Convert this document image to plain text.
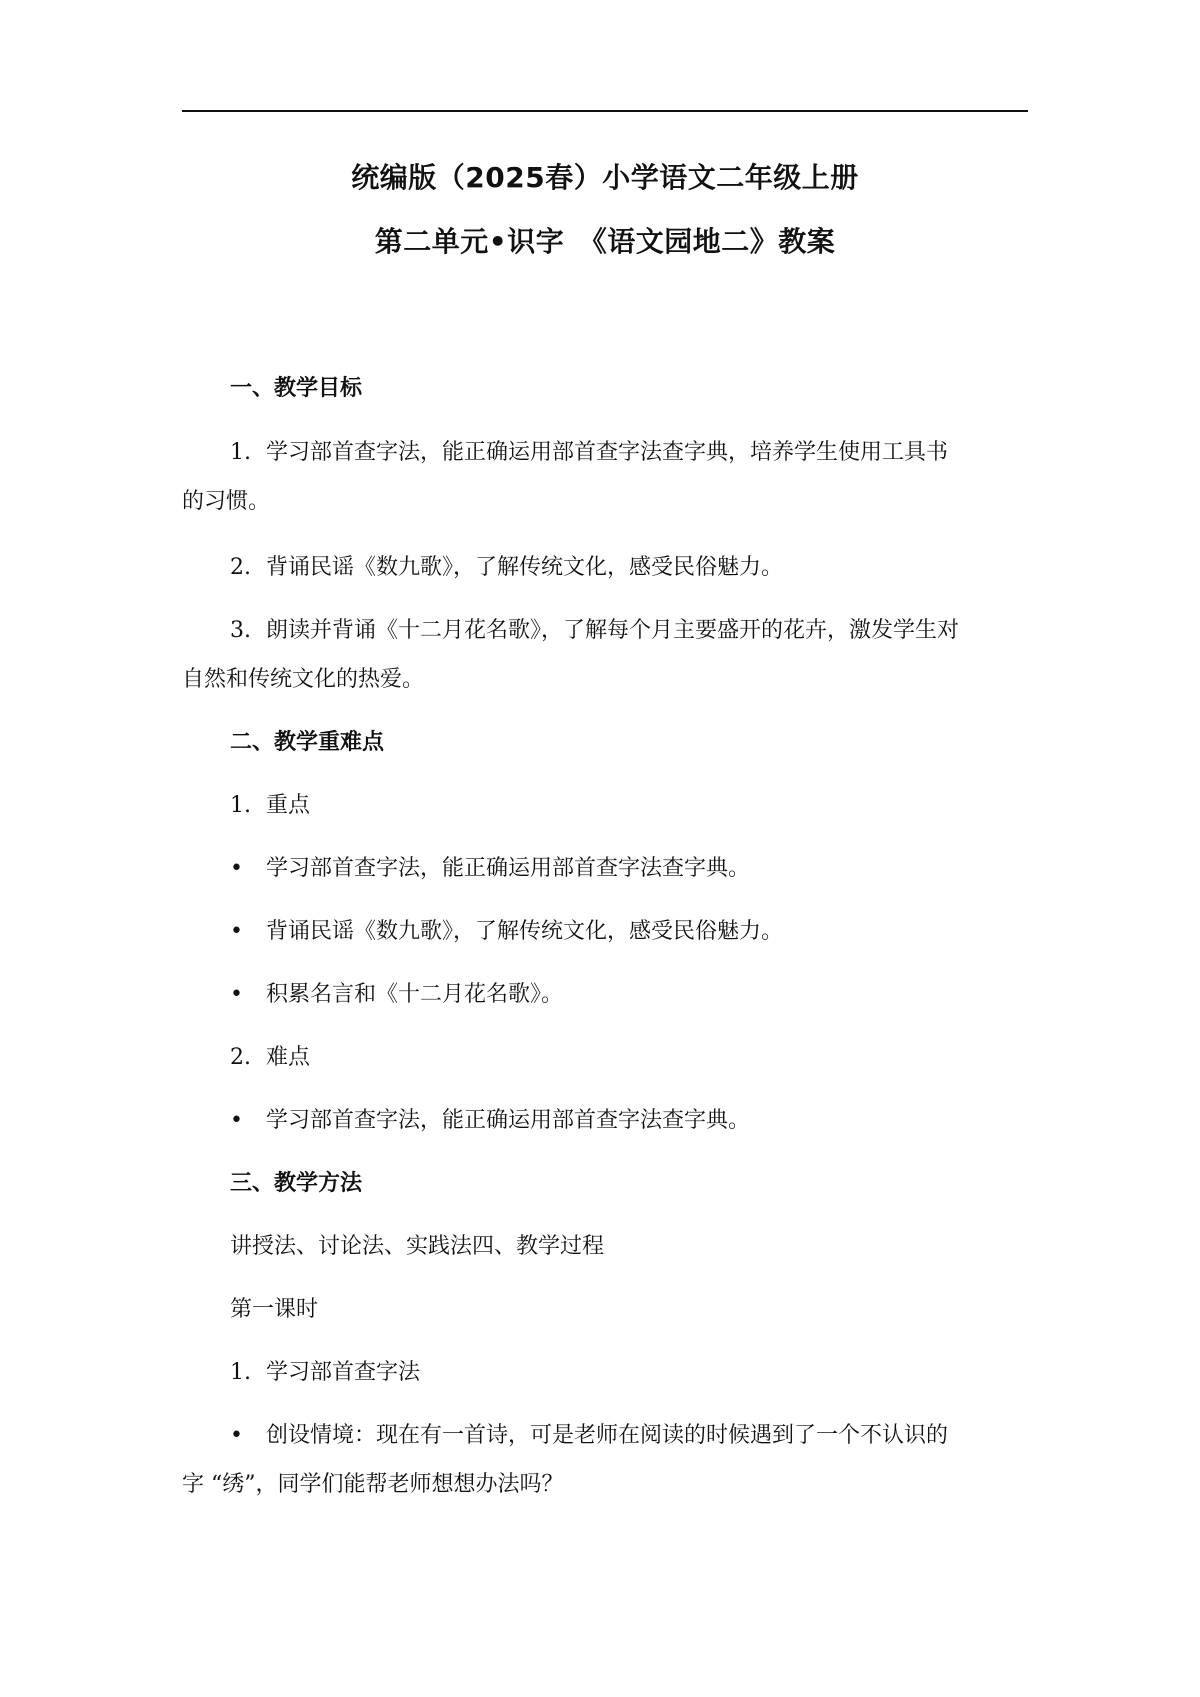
统编版（2025春）小学语文二年级上册
第二单元•识字　《语文园地二》教案
一、教学目标
1. 学习部首查字法，能正确运用部首查字法查字典，培养学生使用工具书
的习惯。
2. 背诵民谣《数九歌》，了解传统文化，感受民俗魅力。
3. 朗读并背诵《十二月花名歌》，了解每个月主要盛开的花卉，激发学生对
自然和传统文化的热爱。
二、教学重难点
1. 重点
• 学习部首查字法，能正确运用部首查字法查字典。
• 背诵民谣《数九歌》，了解传统文化，感受民俗魅力。
• 积累名言和《十二月花名歌》。
2. 难点
• 学习部首查字法，能正确运用部首查字法查字典。
三、教学方法
讲授法、讨论法、实践法四、教学过程
第一课时
1. 学习部首查字法
• 创设情境：现在有一首诗，可是老师在阅读的时候遇到了一个不认识的
字 “绣”，同学们能帮老师想想办法吗？
